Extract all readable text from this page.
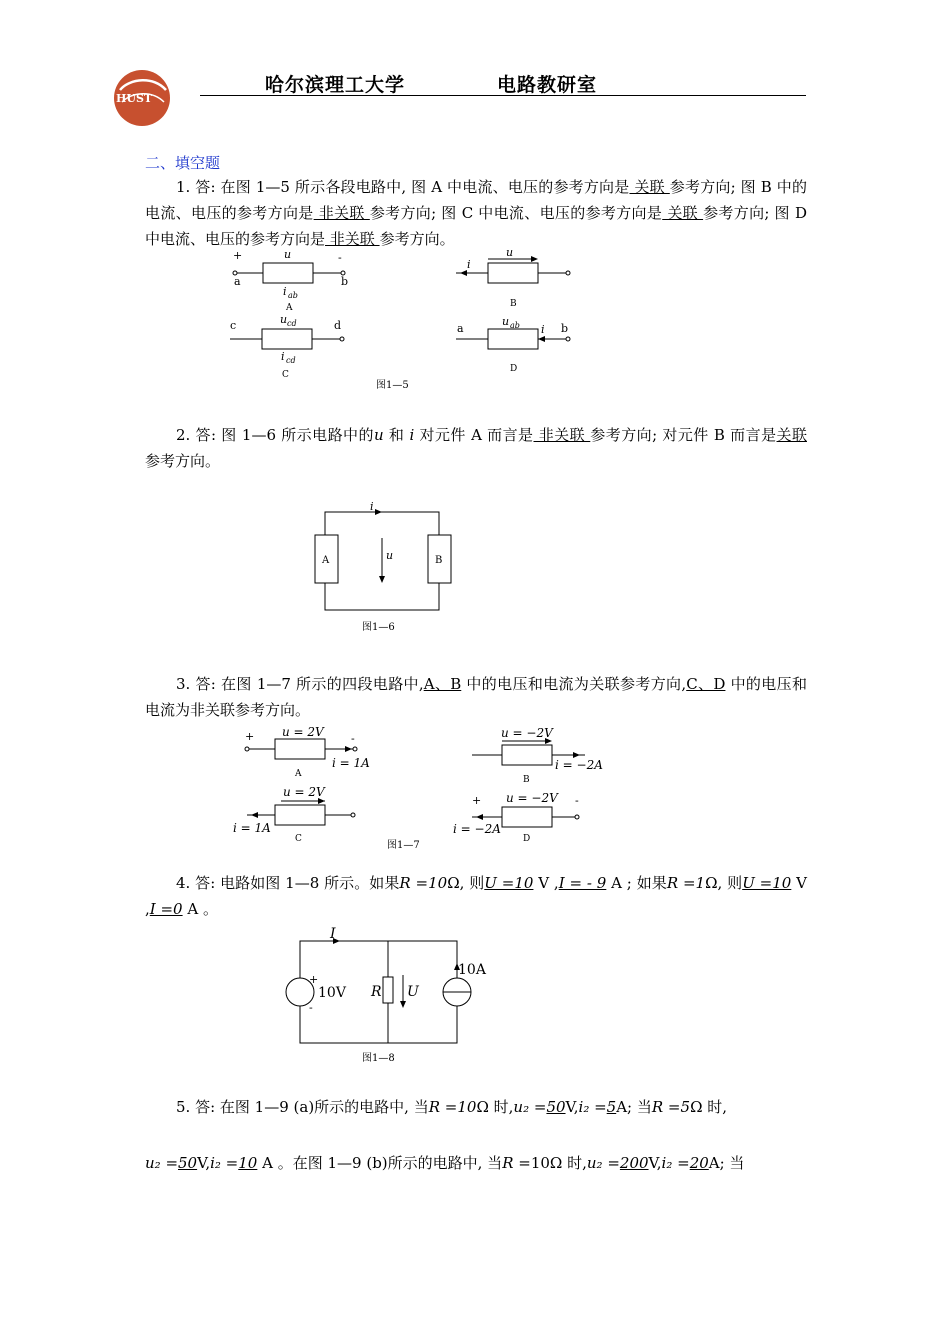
HUST
哈尔滨理工大学	电路教研室
二、填空题

1. 答: 在图 1—5 所示各段电路中, 图 A 中电流、电压的参考方向是 关联 参考方向; 图 B 中的电流、电压的参考方向是 非关联 参考方向; 图 C 中电流、电压的参考方向是 关联 参考方向; 图 D 中电流、电压的参考方向是 非关联 参考方向。

+	-
a	b
u
i ab
A
i
u
B
c	d
u cd
i cd
C
a	b
u ab i
D
图1—5

2. 答: 图 1—6 所示电路中的u 和 i 对元件 A 而言是 非关联 参考方向; 对元件 B 而言是关联 参考方向。

i
u
A	B
图1—6

3. 答: 在图 1—7 所示的四段电路中,A、B 中的电压和电流为关联参考方向,C、D 中的电压和电流为非关联参考方向。

+	-
u = 2V
i = 1A
A
u = −2V
i = −2A
B
u = 2V
i = 1A
C
+	-
u = −2V
i = −2A
D
图1—7

4. 答: 电路如图 1—8 所示。如果R =10Ω, 则U =10 V ,I = - 9 A ; 如果R =1Ω, 则U =10 V ,I =0 A 。

I
+
-
10V R U
10A
图1—8

5. 答: 在图 1—9 (a)所示的电路中, 当R =10Ω 时,u₂ =50V,i₂ =5A; 当R =5Ω 时,

u₂ =50V,i₂ =10 A 。在图 1—9 (b)所示的电路中, 当R =10Ω 时,u₂ =200V,i₂ =20A; 当
